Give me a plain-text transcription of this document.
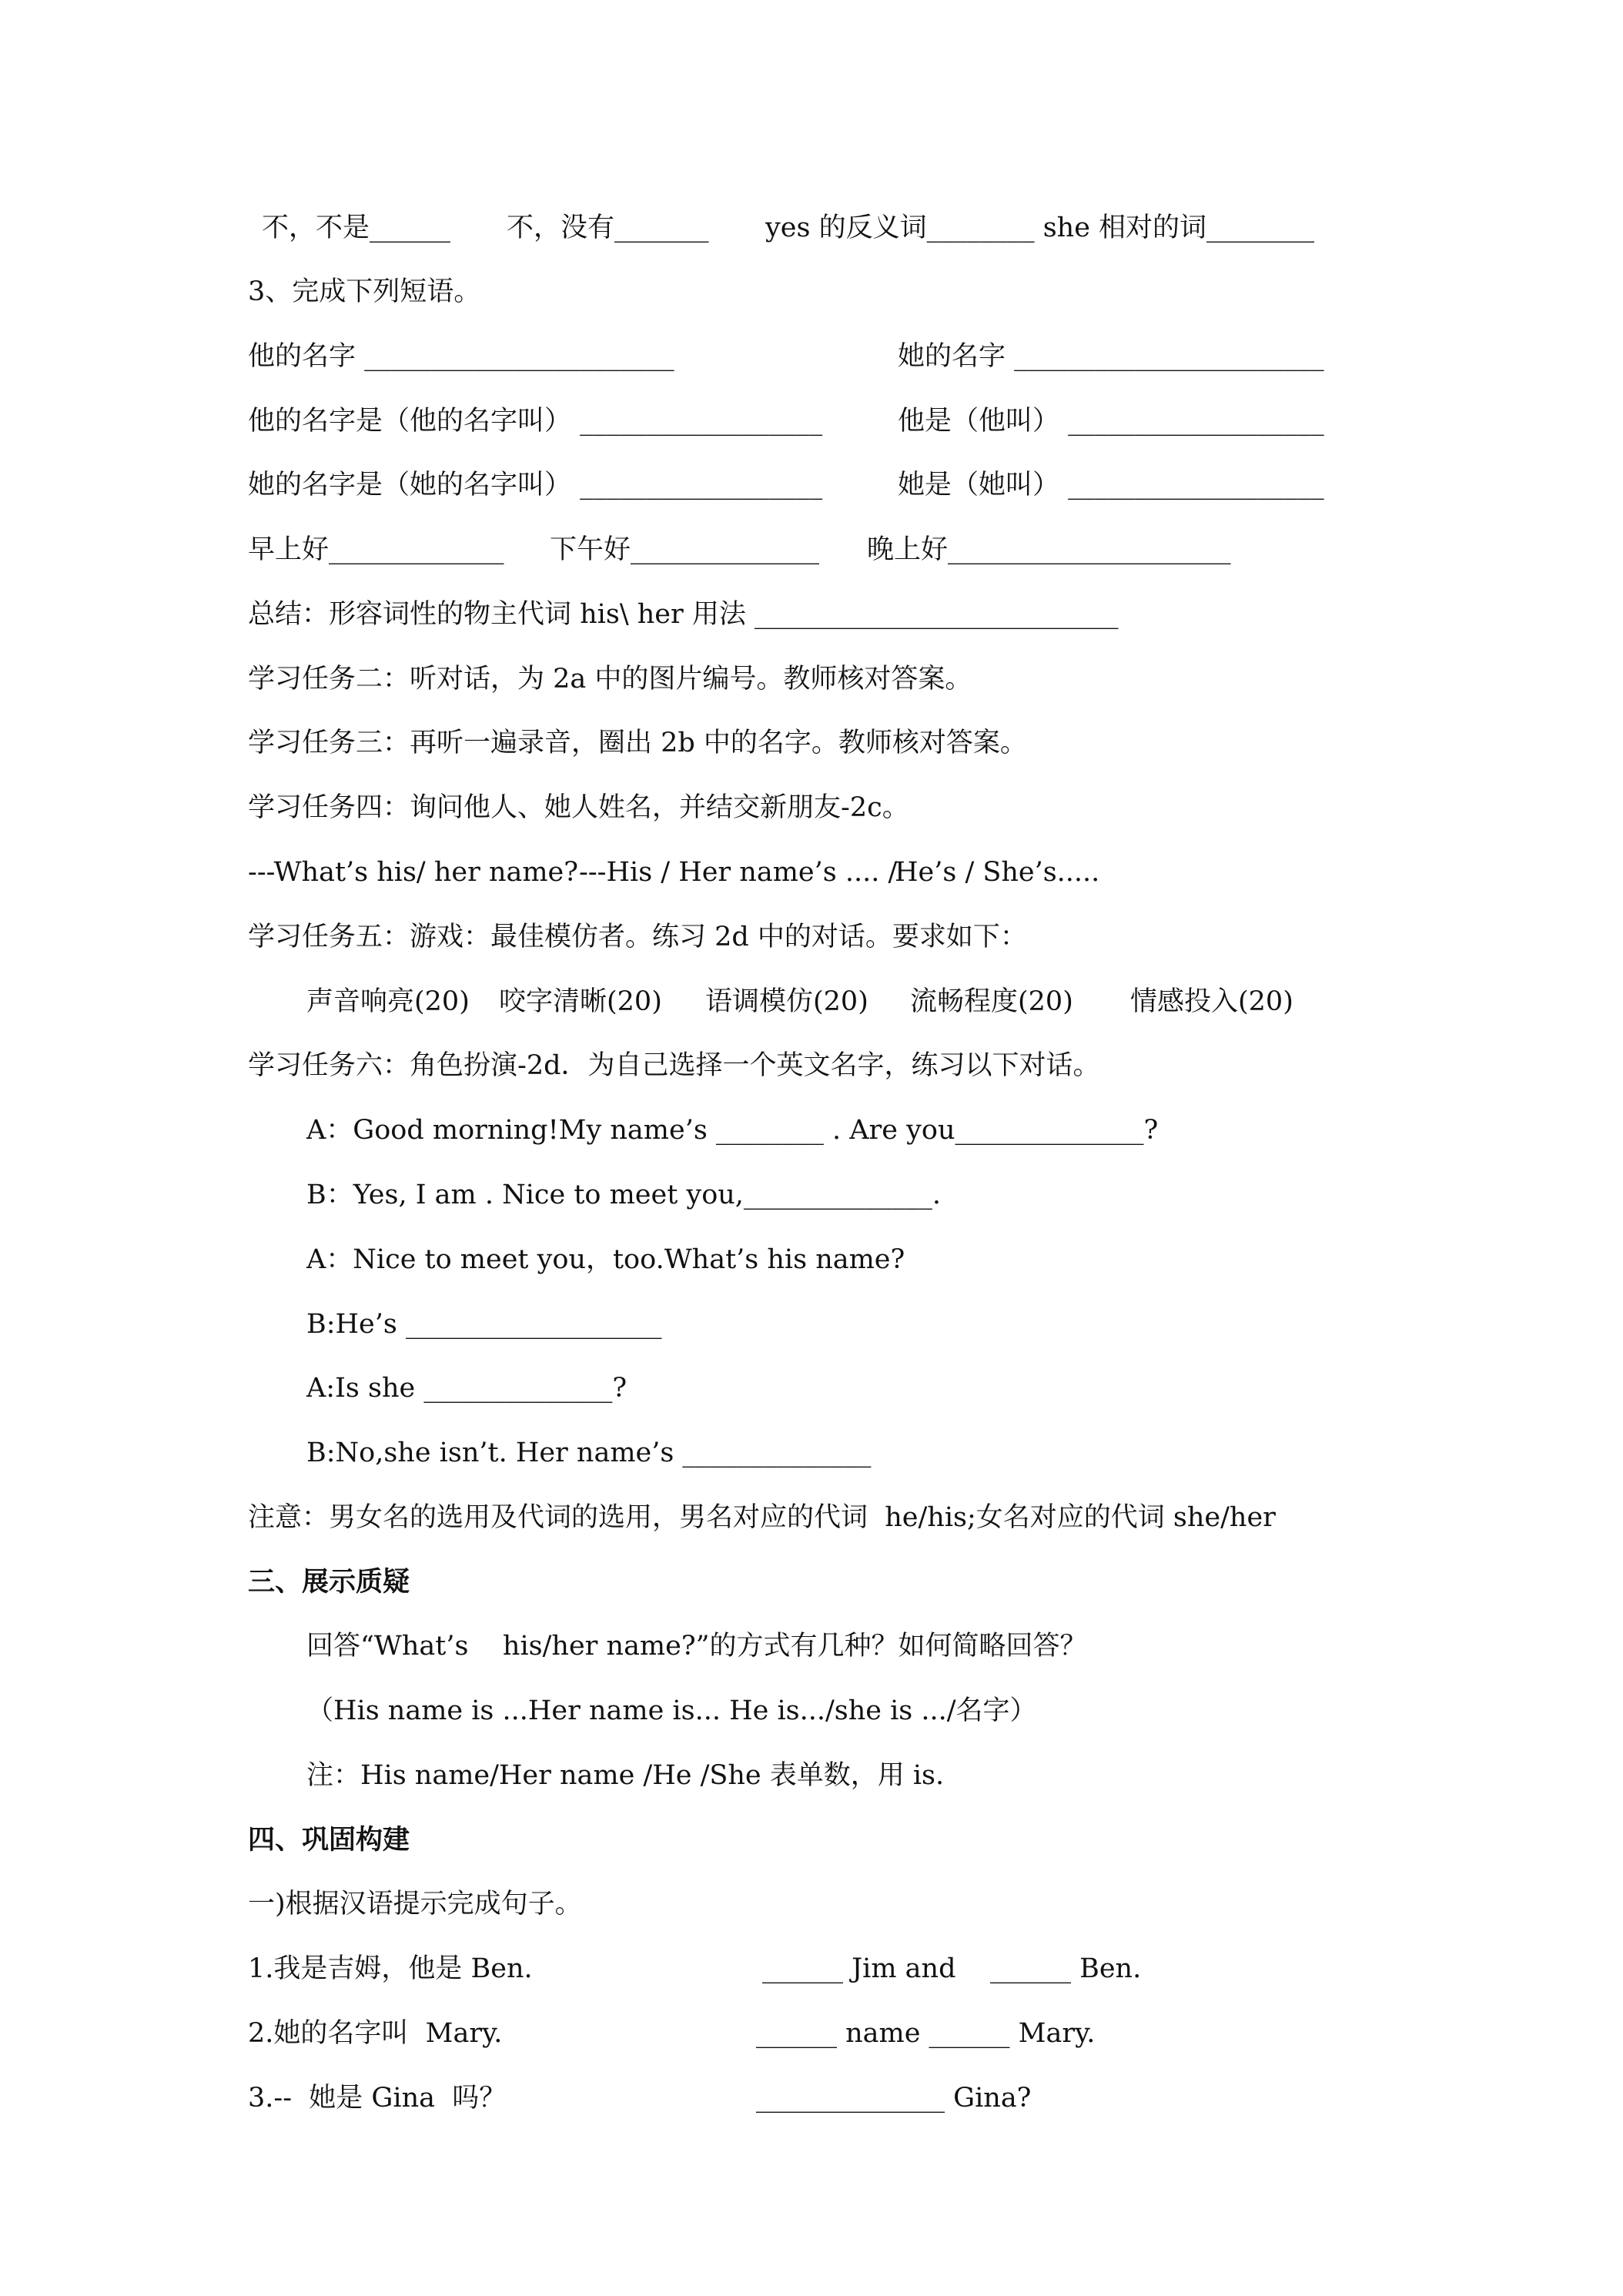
不，不是______

不，没有_______

yes 的反义词________ she 相对的词________

3、完成下列短语。

他的名字 _______________________

	她的名字 _______________________

他的名字是（他的名字叫） __________________

	他是（他叫） ___________________

她的名字是（她的名字叫） __________________

	她是（她叫） ___________________

早上好_____________

下午好______________

晚上好_____________________

总结：形容词性的物主代词 his\ her 用法 ___________________________
学习任务二：听对话，为 2a 中的图片编号。教师核对答案。
学习任务三：再听一遍录音，圈出 2b 中的名字。教师核对答案。
学习任务四：询问他人、她人姓名，并结交新朋友-2c。

---What’s his/ her name?

---His / Her name’s .... /

He’s / She’s.....

学习任务五：游戏：最佳模仿者。练习 2d 中的对话。要求如下：

声音响亮(20)

咬字清晰(20)

语调模仿(20)

流畅程度(20)

情感投入(20)

学习任务六：角色扮演-2d．为自己选择一个英文名字，练习以下对话。
A：Good morning!My name’s ________ . Are you______________?
B：Yes, I am . Nice to meet you,______________.
A：Nice to meet you，too.What’s his name?
B:He’s ___________________
A:Is she ______________?
B:No,she isn’t. Her name’s ______________
注意：男女名的选用及代词的选用，男名对应的代词  he/his;女名对应的代词 she/her
三、展示质疑
回答“What’s    his/her name?”的方式有几种？如何简略回答？
（His name is ...Her name is... He is.../she is .../名字）
注：His name/Her name /He /She 表单数，用 is.
四、巩固构建
一)根据汉语提示完成句子。

1.我是吉姆，他是 Ben.

	______ Jim and    ______ Ben.

2.她的名字叫  Mary.

	______ name ______ Mary.

3.--  她是 Gina  吗？

	______________ Gina?
